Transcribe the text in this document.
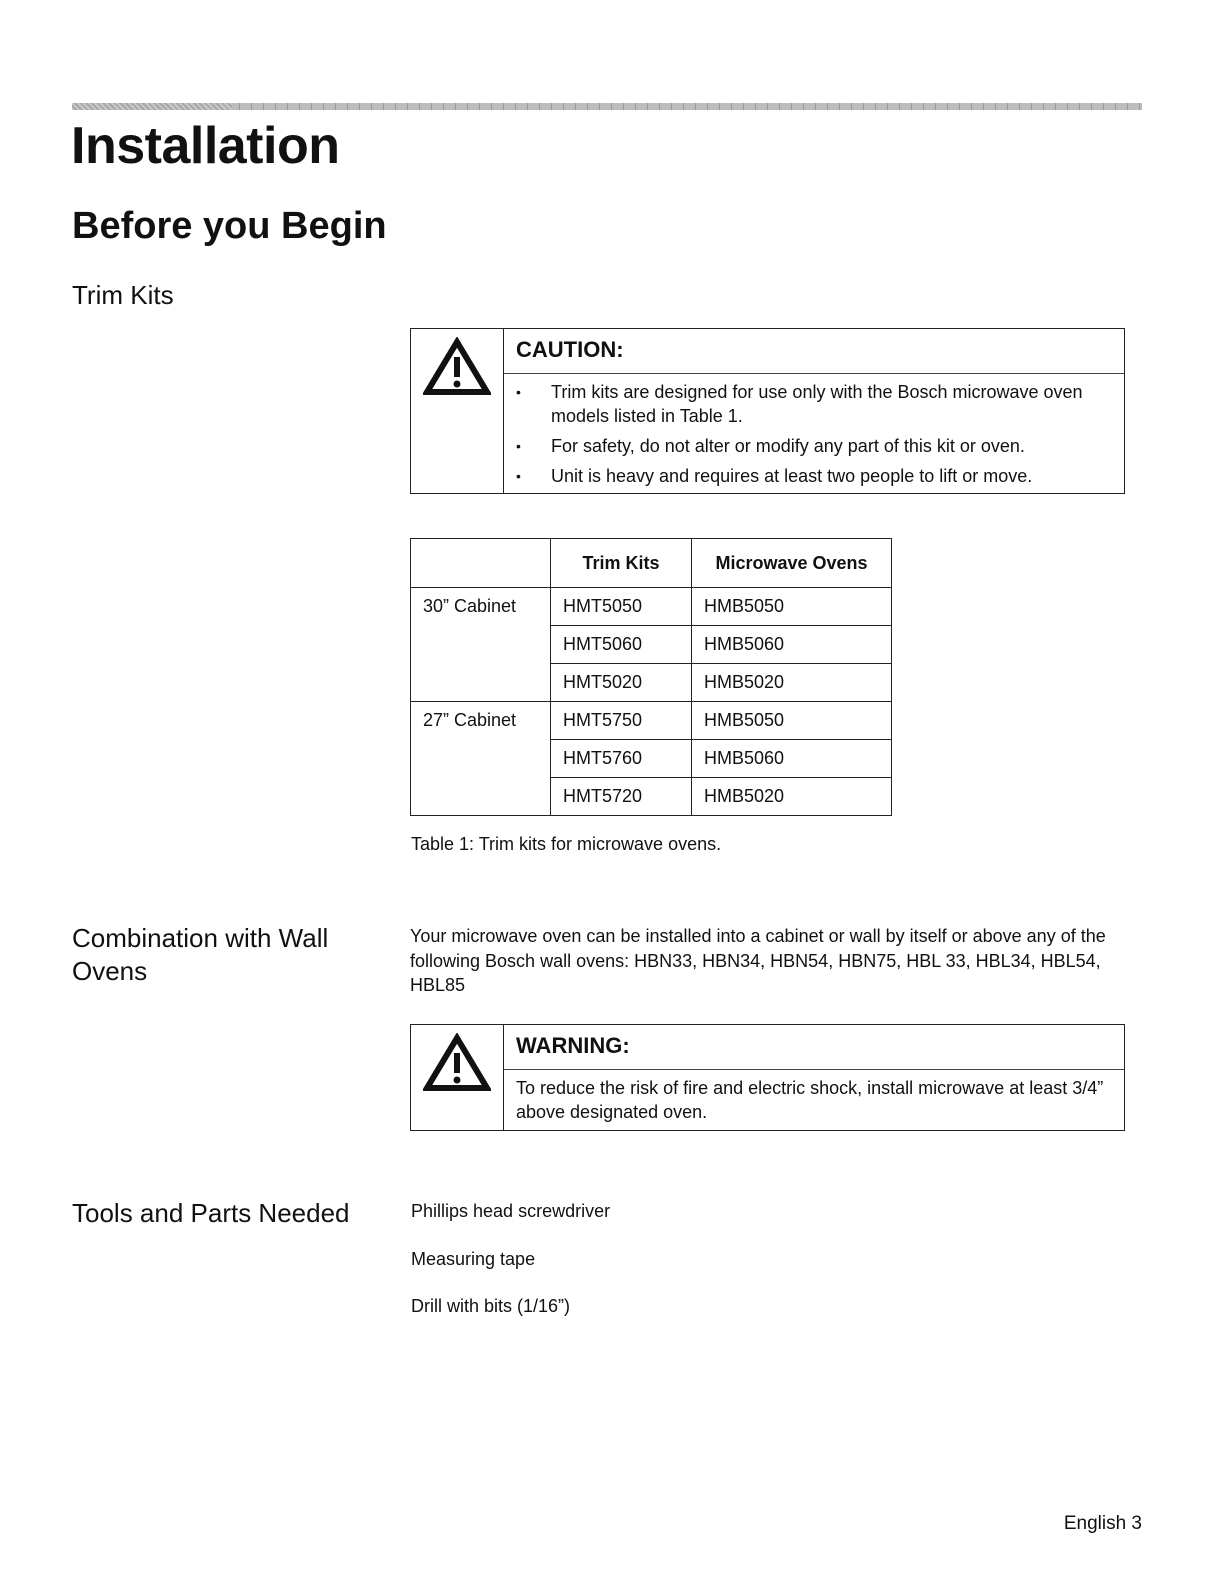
Installation
Before you Begin
Trim Kits
CAUTION:
• Trim kits are designed for use only with the Bosch microwave oven models listed in Table 1.
• For safety, do not alter or modify any part of this kit or oven.
• Unit is heavy and requires at least two people to lift or move.
	Trim Kits	Microwave Ovens
30” Cabinet	HMT5050	HMB5050
	HMT5060	HMB5060
	HMT5020	HMB5020
27” Cabinet	HMT5750	HMB5050
	HMT5760	HMB5060
	HMT5720	HMB5020
Table 1: Trim kits for microwave ovens.
Combination with Wall Ovens
Your microwave oven can be installed into a cabinet or wall by itself or above any of the following Bosch wall ovens: HBN33, HBN34, HBN54, HBN75, HBL 33, HBL34, HBL54, HBL85
WARNING:
To reduce the risk of fire and electric shock, install microwave at least 3/4” above designated oven.
Tools and Parts Needed	Phillips head screwdriver
Measuring tape
Drill with bits (1/16”)
English 3
